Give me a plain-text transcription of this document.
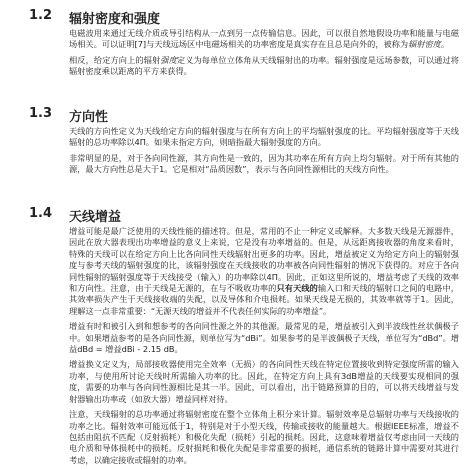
1.2 辐射密度和强度

电磁波用来通过无线介质或导引结构从一点到另一点传输信息。因此，可以很自然地假设功率和能量与电磁场相关。可以证明[7]与天线远场区中电磁场相关的功率密度是真实存在且总是向外的，被称为辐射密度。

相反，给定方向上的辐射强度定义为每单位立体角从天线辐射出的功率。辐射强度是远场参数，可以通过将辐射密度乘以距离的平方来获得。

1.3 方向性

天线的方向性定义为天线给定方向的辐射强度与在所有方向上的平均辐射强度的比。平均辐射强度等于天线辐射的总功率除以4Π。如果未指定方向，则暗指最大辐射强度的方向。

非常明显的是，对于各向同性源，其方向性是一致的，因为其功率在所有方向上均匀辐射。对于所有其他的源，最大方向性总是大于1。它是相对“品质因数”，表示与各向同性源相比的天线方向性。

1.4 天线增益

增益可能是最广泛使用的天线性能的描述符。但是，常用的不止一种定义或解释。大多数天线是无源器件，因此在放大器表现出功率增益的意义上来说，它是没有功率增益的。但是，从远距离接收器的角度来看时，特殊的天线可以在给定方向上比各向同性天线辐射出更多的功率。因此，增益被定义为给定方向上的辐射强度与参考天线的辐射强度的比，该辐射强度在天线接收的功率被各向同性辐射的情况下获得的。对应于各向同性辐射的辐射强度等于天线接受（输入）的功率除以4Π。因此，正如这里所说的，增益考虑了天线的效率和方向性。注意，由于天线是无源的，在与不吸收功率的只有天线的输入口和天线的辐射口之间的电路中，其效率损失产生于天线接收端的失配，以及导体和介电损耗。如果天线是无损的，其效率就等于1。因此，理解这一点非常重要：“无源天线的增益并不代表任何实际的功率增益”。

增益有时和被引入到和想参考的各向同性源之外的其他源。最常见的是，增益被引入到半波线性丝状偶极子中。如果增益参考的是各向同性源，则单位写为“dBi”。如果参考的是半波偶极子天线，单位写为“dBd”。增益dBd = 增益dBi - 2.15 dB。

增益换义定义为，局部接收器使用完全效率（无损）的各向同性天线在特定位置接收到特定强度所需的输入功率，与使用所讨论天线时所需输入功率的比。因此，在特定方向上具有3dB增益的天线要实现相同的强度，需要的功率与各向同性源相比是其一半。因此，可以看出，出于链路预算的目的，可以将天线增益与发射器输出功率或（如放大器）增益同样对待。

注意，天线辐射的总功率通过将辐射密度在整个立体角上积分来计算。辐射效率是总辐射功率与天线接收的功率之比。辐射效率可能远低于1，特别是对于小型天线，传输或接收的能量越大。根据IEEE标准，增益不包括由阻抗不匹配（反射损耗）和极化失配（损耗）引起的损耗。因此，这意味着增益仅考虑由同一天线的电介质和导体损耗中的损耗。反射损耗和极化失配是非常重要的损耗，通信系统的链路计算中需要对其进行考虑，以确定接收或辐射的功率。
